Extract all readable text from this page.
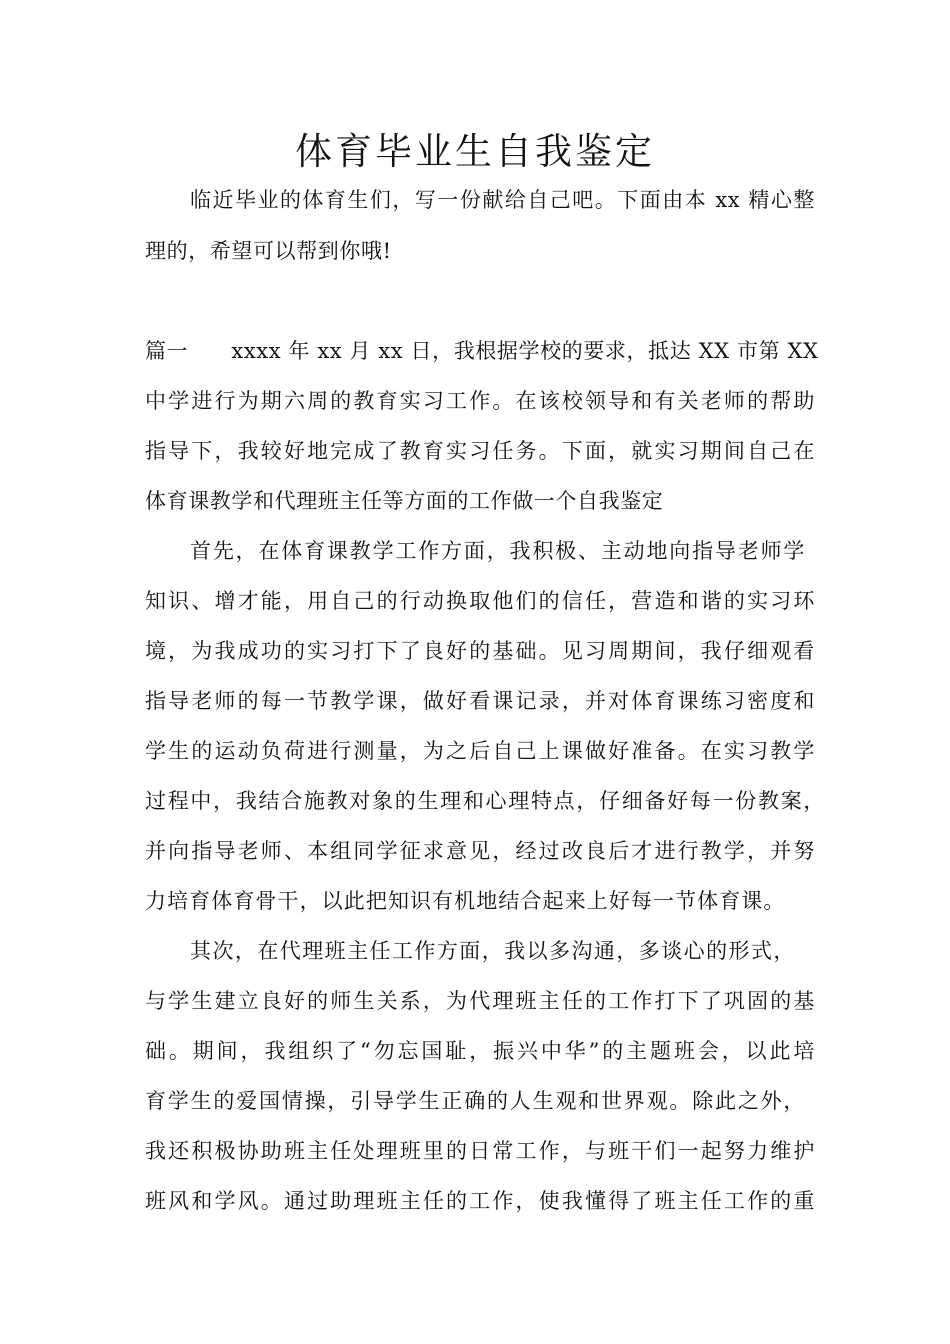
体育毕业生自我鉴定
临近毕业的体育生们，写一份献给自己吧。下面由本 xx 精心整
理的，希望可以帮到你哦!
篇一　　xxxx 年 xx 月 xx 日，我根据学校的要求，抵达 XX 市第 XX
中学进行为期六周的教育实习工作。在该校领导和有关老师的帮助
指导下，我较好地完成了教育实习任务。下面，就实习期间自己在
体育课教学和代理班主任等方面的工作做一个自我鉴定
首先，在体育课教学工作方面，我积极、主动地向指导老师学
知识、增才能，用自己的行动换取他们的信任，营造和谐的实习环
境，为我成功的实习打下了良好的基础。见习周期间，我仔细观看
指导老师的每一节教学课，做好看课记录，并对体育课练习密度和
学生的运动负荷进行测量，为之后自己上课做好准备。在实习教学
过程中，我结合施教对象的生理和心理特点，仔细备好每一份教案，
并向指导老师、本组同学征求意见，经过改良后才进行教学，并努
力培育体育骨干，以此把知识有机地结合起来上好每一节体育课。
其次，在代理班主任工作方面，我以多沟通，多谈心的形式，
与学生建立良好的师生关系，为代理班主任的工作打下了巩固的基
础。期间，我组织了“勿忘国耻，振兴中华”的主题班会，以此培
育学生的爱国情操，引导学生正确的人生观和世界观。除此之外，
我还积极协助班主任处理班里的日常工作，与班干们一起努力维护
班风和学风。通过助理班主任的工作，使我懂得了班主任工作的重
